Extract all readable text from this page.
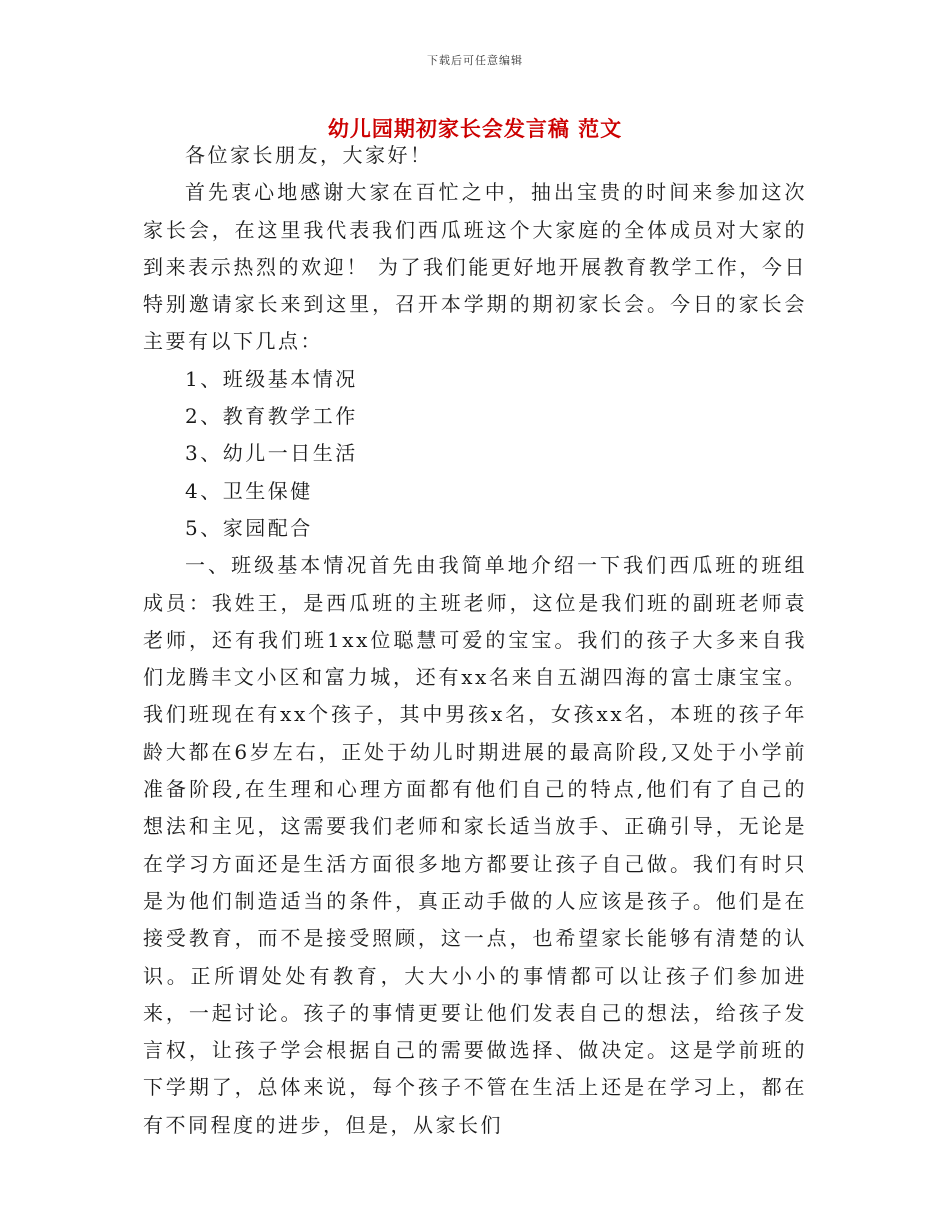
下载后可任意编辑
幼儿园期初家长会发言稿 范文

各位家长朋友，大家好！

首先衷心地感谢大家在百忙之中，抽出宝贵的时间来参加这次家长会，在这里我代表我们西瓜班这个大家庭的全体成员对大家的到来表示热烈的欢迎！ 为了我们能更好地开展教育教学工作，今日特别邀请家长来到这里，召开本学期的期初家长会。今日的家长会主要有以下几点：

1、班级基本情况

2、教育教学工作

3、幼儿一日生活

4、卫生保健

5、家园配合

一、班级基本情况首先由我简单地介绍一下我们西瓜班的班组成员：我姓王，是西瓜班的主班老师，这位是我们班的副班老师袁老师，还有我们班1xx位聪慧可爱的宝宝。我们的孩子大多来自我们龙腾丰文小区和富力城，还有xx名来自五湖四海的富士康宝宝。 我们班现在有xx个孩子，其中男孩x名，女孩xx名，本班的孩子年龄大都在6岁左右，正处于幼儿时期进展的最高阶段,又处于小学前准备阶段,在生理和心理方面都有他们自己的特点,他们有了自己的想法和主见，这需要我们老师和家长适当放手、正确引导，无论是在学习方面还是生活方面很多地方都要让孩子自己做。我们有时只是为他们制造适当的条件，真正动手做的人应该是孩子。他们是在接受教育，而不是接受照顾，这一点，也希望家长能够有清楚的认识。正所谓处处有教育，大大小小的事情都可以让孩子们参加进来，一起讨论。孩子的事情更要让他们发表自己的想法，给孩子发言权，让孩子学会根据自己的需要做选择、做决定。这是学前班的下学期了，总体来说，每个孩子不管在生活上还是在学习上，都在有不同程度的进步，但是，从家长们
